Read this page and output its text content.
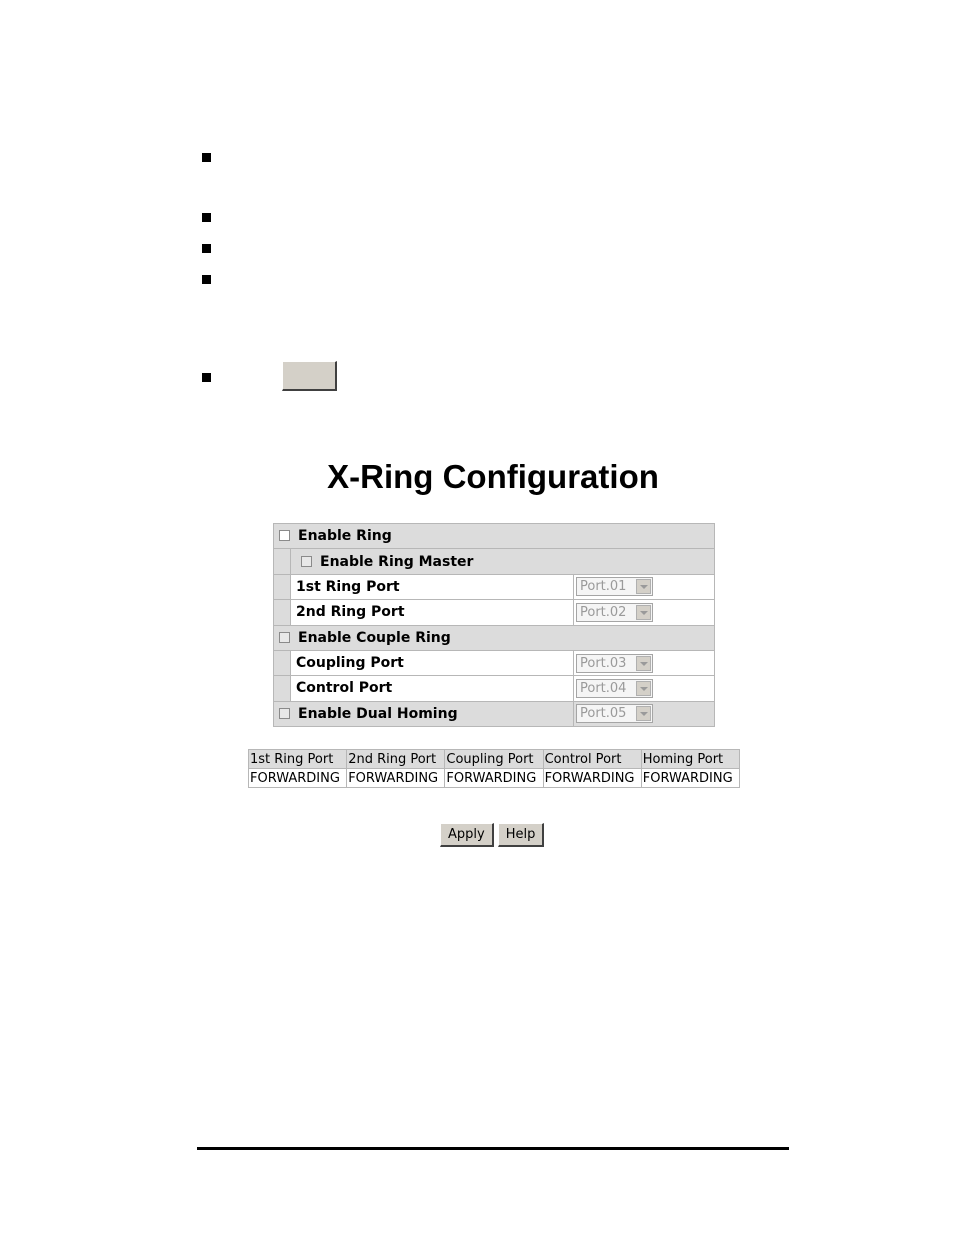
X-Ring Configuration
Enable Ring		
	Enable Ring Master	
	1st Ring Port	Port.01

	2nd Ring Port	Port.02

Enable Couple Ring		
	Coupling Port	Port.03

	Control Port	Port.04

Enable Dual Homing		Port.05
1st Ring Port	2nd Ring Port	Coupling Port	Control Port	Homing Port
FORWARDING	FORWARDING	FORWARDING	FORWARDING	FORWARDING
Apply	Help
